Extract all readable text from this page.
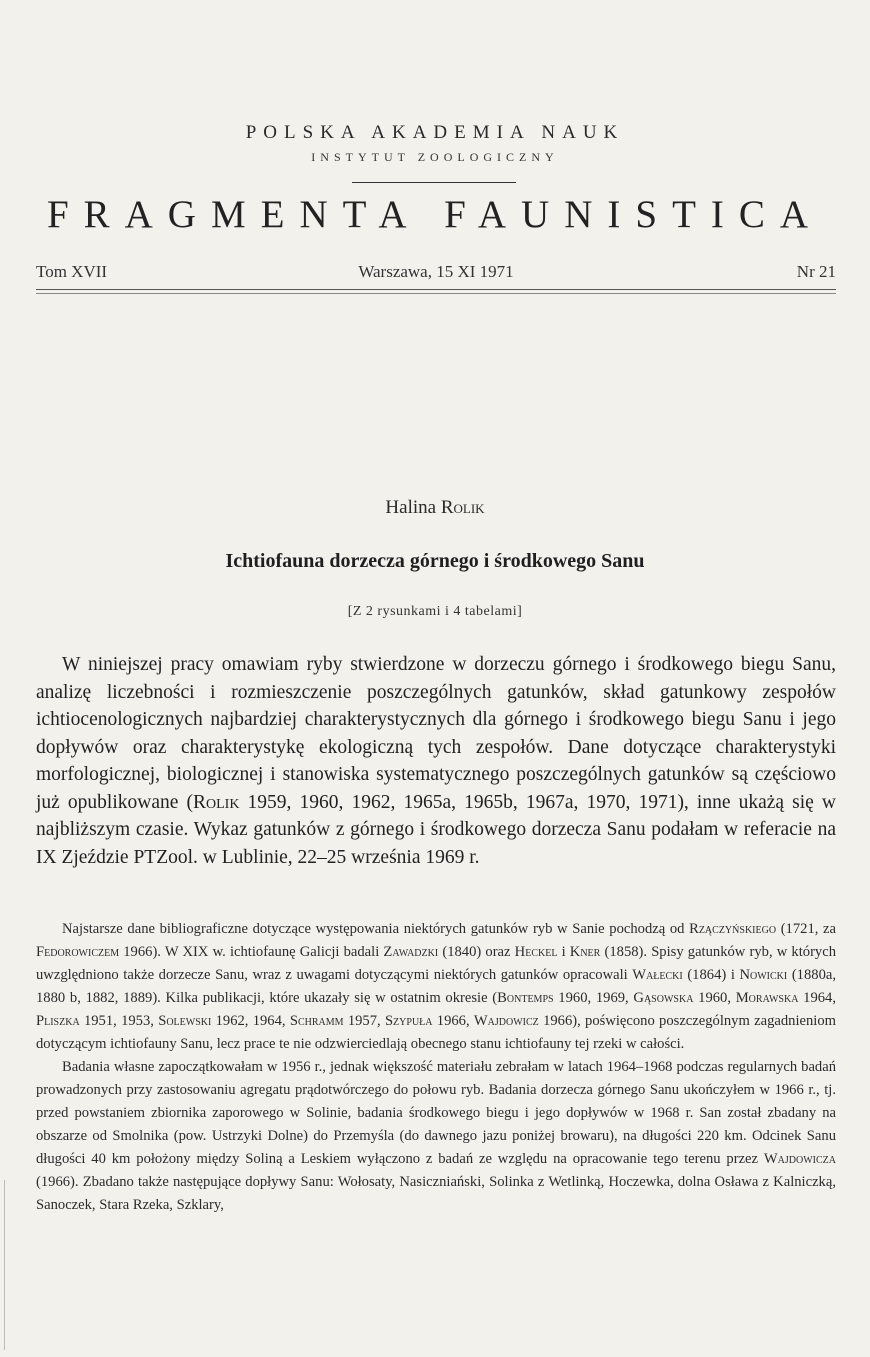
POLSKA AKADEMIA NAUK
INSTYTUT ZOOLOGICZNY
FRAGMENTA FAUNISTICA
Tom XVII	Warszawa, 15 XI 1971	Nr 21
Halina Rolik
Ichtiofauna dorzecza górnego i środkowego Sanu
[Z 2 rysunkami i 4 tabelami]

W niniejszej pracy omawiam ryby stwierdzone w dorzeczu górnego i środkowego biegu Sanu, analizę liczebności i rozmieszczenie poszczególnych gatunków, skład gatunkowy zespołów ichtiocenologicznych najbardziej charakterystycznych dla górnego i środkowego biegu Sanu i jego dopływów oraz charakterystykę ekologiczną tych zespołów. Dane dotyczące charakterystyki morfologicznej, biologicznej i stanowiska systematycznego poszczególnych gatunków są częściowo już opublikowane (Rolik 1959, 1960, 1962, 1965a, 1965b, 1967a, 1970, 1971), inne ukażą się w najbliższym czasie. Wykaz gatunków z górnego i środkowego dorzecza Sanu podałam w referacie na IX Zjeździe PTZool. w Lublinie, 22–25 września 1969 r.

Najstarsze dane bibliograficzne dotyczące występowania niektórych gatunków ryb w Sanie pochodzą od Rzączyńskiego (1721, za Fedorowiczem 1966). W XIX w. ichtiofaunę Galicji badali Zawadzki (1840) oraz Heckel i Kner (1858). Spisy gatunków ryb, w których uwzględniono także dorzecze Sanu, wraz z uwagami dotyczącymi niektórych gatunków opracowali Wałecki (1864) i Nowicki (1880a, 1880 b, 1882, 1889). Kilka publikacji, które ukazały się w ostatnim okresie (Bontemps 1960, 1969, Gąsowska 1960, Morawska 1964, Pliszka 1951, 1953, Solewski 1962, 1964, Schramm 1957, Szypuła 1966, Wajdowicz 1966), poświęcono poszczególnym zagadnieniom dotyczącym ichtiofauny Sanu, lecz prace te nie odzwierciedlają obecnego stanu ichtiofauny tej rzeki w całości.

Badania własne zapoczątkowałam w 1956 r., jednak większość materiału zebrałam w latach 1964–1968 podczas regularnych badań prowadzonych przy zastosowaniu agregatu prądotwórczego do połowu ryb. Badania dorzecza górnego Sanu ukończyłem w 1966 r., tj. przed powstaniem zbiornika zaporowego w Solinie, badania środkowego biegu i jego dopływów w 1968 r. San został zbadany na obszarze od Smolnika (pow. Ustrzyki Dolne) do Przemyśla (do dawnego jazu poniżej browaru), na długości 220 km. Odcinek Sanu długości 40 km położony między Soliną a Leskiem wyłączono z badań ze względu na opracowanie tego terenu przez Wajdowicza (1966). Zbadano także następujące dopływy Sanu: Wołosaty, Nasiczniański, Solinka z Wetlinką, Hoczewka, dolna Osława z Kalniczką, Sanoczek, Stara Rzeka, Szklary,
